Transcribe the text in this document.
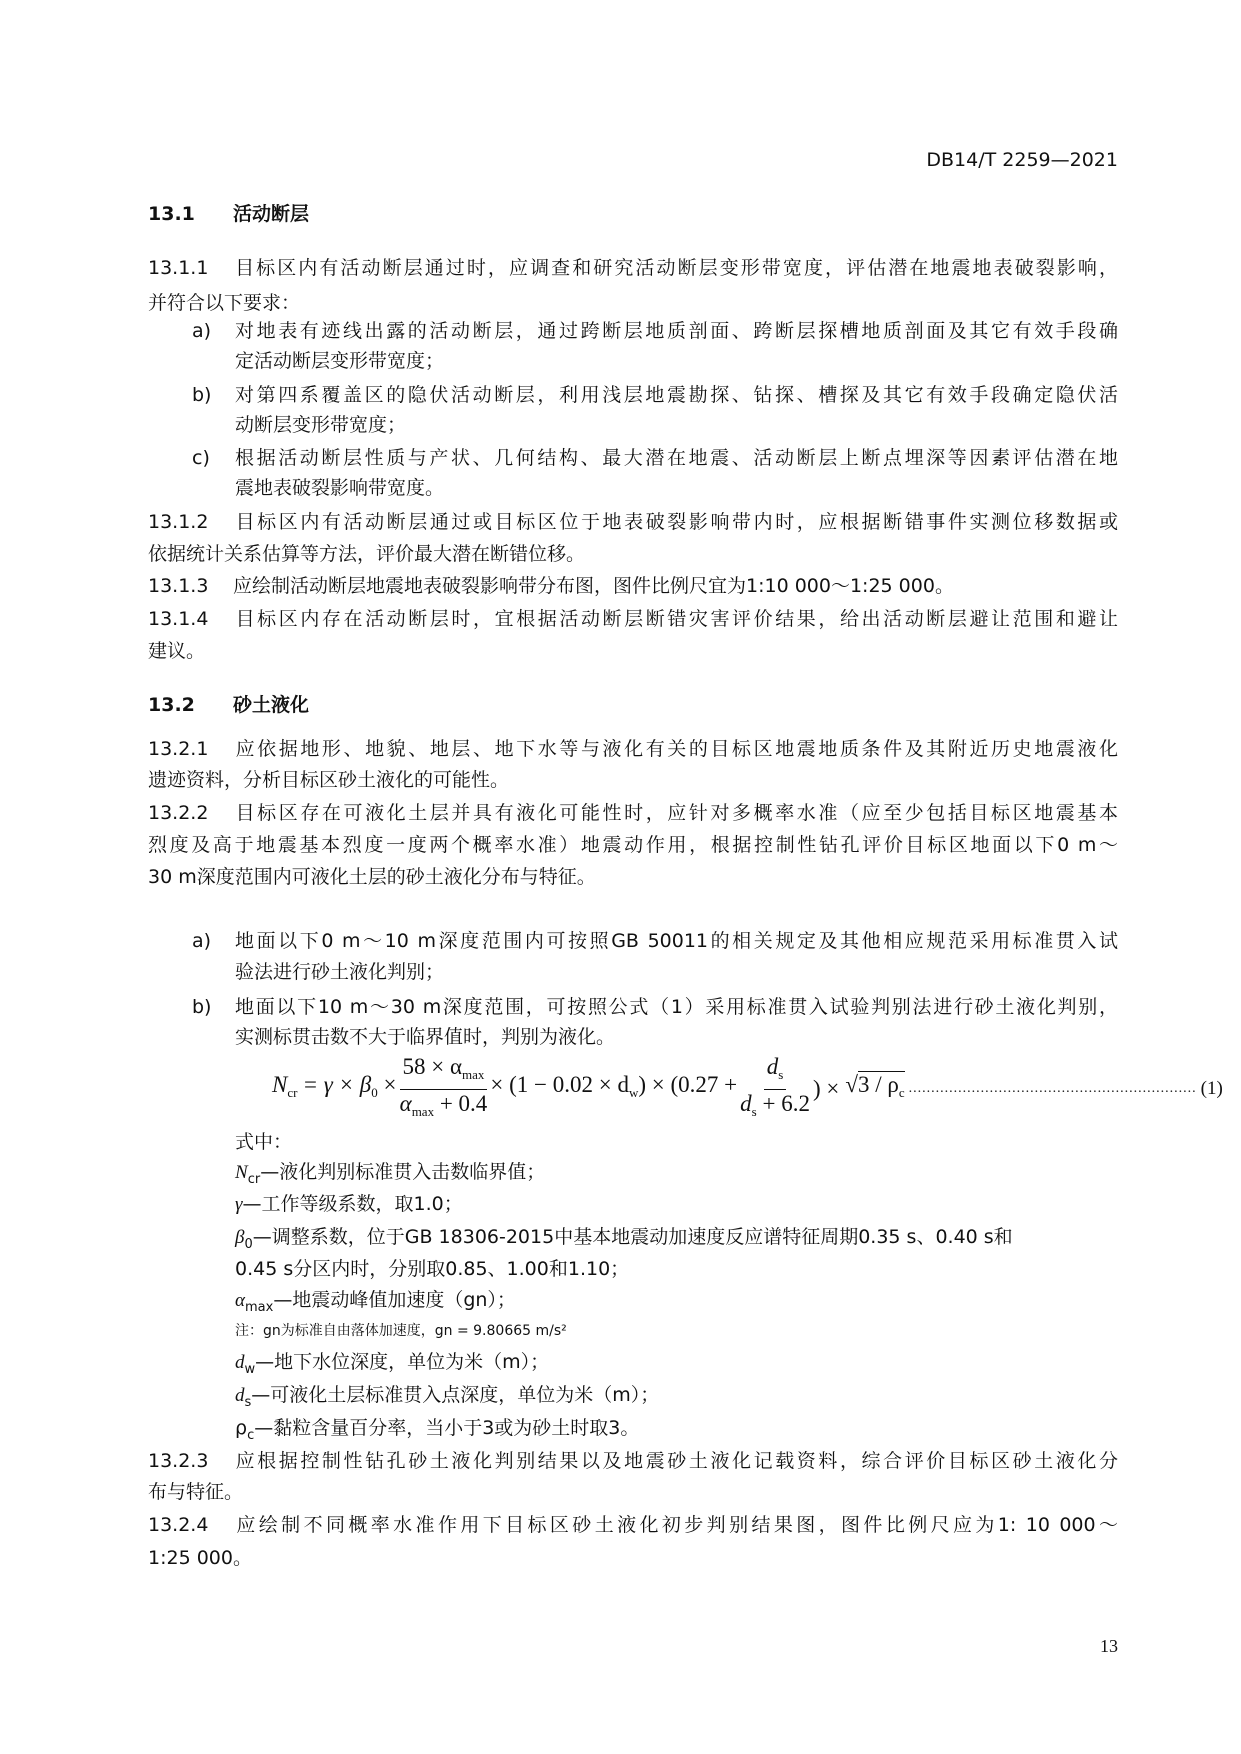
DB14/T 2259—2021
13.1 活动断层
13.1.1 目标区内有活动断层通过时，应调查和研究活动断层变形带宽度，评估潜在地震地表破裂影响，
并符合以下要求：
a) 对地表有迹线出露的活动断层，通过跨断层地质剖面、跨断层探槽地质剖面及其它有效手段确
定活动断层变形带宽度；
b) 对第四系覆盖区的隐伏活动断层，利用浅层地震勘探、钻探、槽探及其它有效手段确定隐伏活
动断层变形带宽度；
c) 根据活动断层性质与产状、几何结构、最大潜在地震、活动断层上断点埋深等因素评估潜在地
震地表破裂影响带宽度。
13.1.2 目标区内有活动断层通过或目标区位于地表破裂影响带内时，应根据断错事件实测位移数据或
依据统计关系估算等方法，评价最大潜在断错位移。
13.1.3 应绘制活动断层地震地表破裂影响带分布图，图件比例尺宜为1:10 000～1:25 000。
13.1.4 目标区内存在活动断层时，宜根据活动断层断错灾害评价结果，给出活动断层避让范围和避让
建议。
13.2 砂土液化
13.2.1 应依据地形、地貌、地层、地下水等与液化有关的目标区地震地质条件及其附近历史地震液化
遗迹资料，分析目标区砂土液化的可能性。
13.2.2 目标区存在可液化土层并具有液化可能性时，应针对多概率水准（应至少包括目标区地震基本
烈度及高于地震基本烈度一度两个概率水准）地震动作用，根据控制性钻孔评价目标区地面以下0 m～
30 m深度范围内可液化土层的砂土液化分布与特征。
a) 地面以下0 m～10 m深度范围内可按照GB 50011的相关规定及其他相应规范采用标准贯入试
验法进行砂土液化判别；
b) 地面以下10 m～30 m深度范围，可按照公式（1）采用标准贯入试验判别法进行砂土液化判别，
实测标贯击数不大于临界值时，判别为液化。
$N_{cr} = \gamma \times \beta_0 \times \frac{58 \times \alpha_{max}}{\alpha_{max} + 0.4} \times (1 - 0.02 \times d_w) \times (0.27 + \frac{d_s}{d_s + 6.2}$ ) × $√3 / \rho_c$ ................................................................ (1)
式中：
$N_{cr}—$液化判别标准贯入击数临界值；
γ—工作等级系数，取1.0；
$\beta_0—$调整系数，位于GB 18306-2015中基本地震动加速度反应谱特征周期0.35 s、0.40 s和
0.45 s分区内时，分别取0.85、1.00和1.10；
$\alpha_{max}—$地震动峰值加速度（gn）；
注：gn为标准自由落体加速度，gn = 9.80665 m/s²
$d_w—$地下水位深度，单位为米（m）；
$d_s—$可液化土层标准贯入点深度，单位为米（m）；
$\rho_c—$黏粒含量百分率，当小于3或为砂土时取3。
13.2.3 应根据控制性钻孔砂土液化判别结果以及地震砂土液化记载资料，综合评价目标区砂土液化分
布与特征。
13.2.4 应绘制不同概率水准作用下目标区砂土液化初步判别结果图，图件比例尺应为1: 10 000～
1:25 000。
13
